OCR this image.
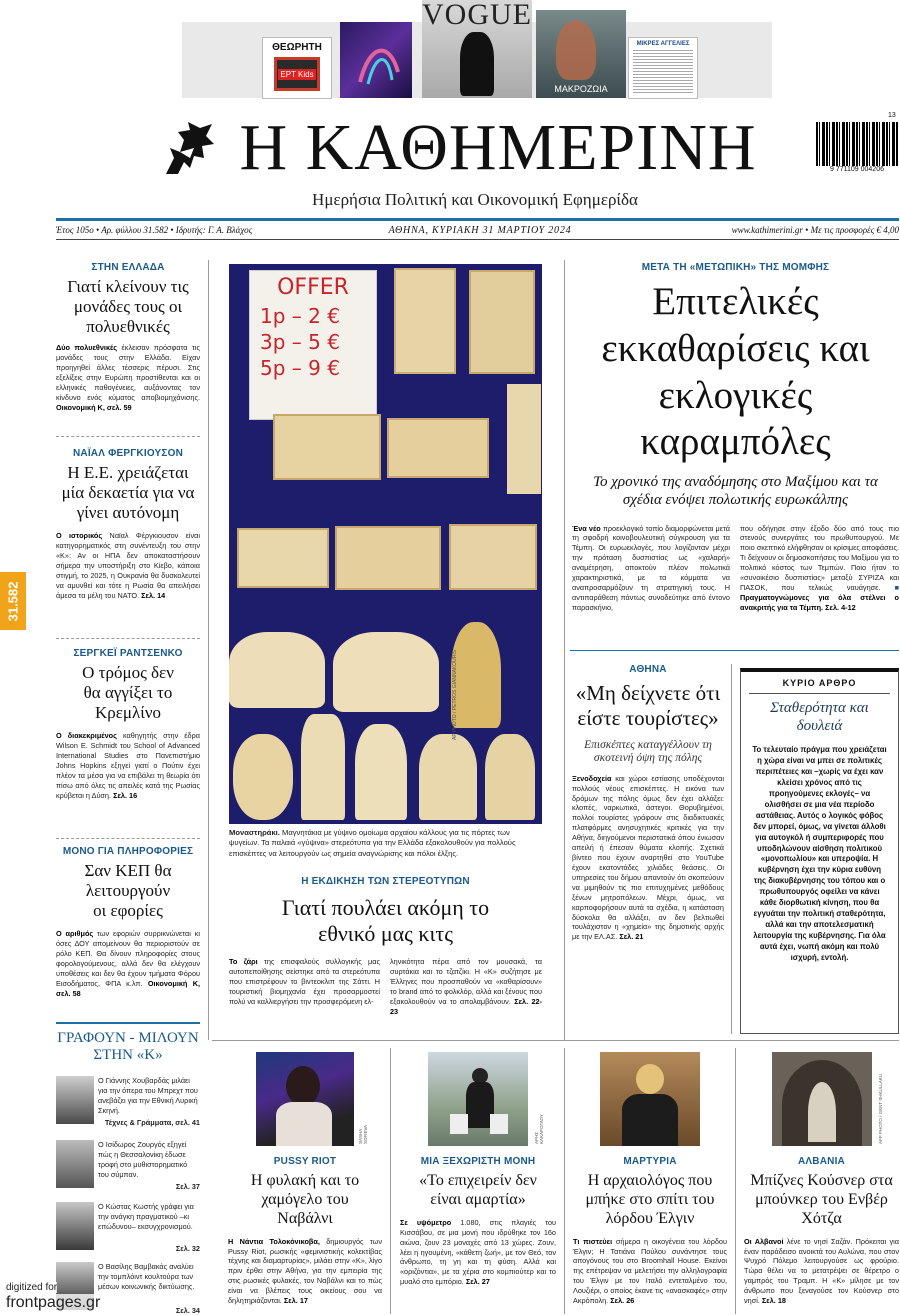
ΘΕΩΡΗΤΗ
ΕΡΤ Kids
VOGUE
ΜΑΚΡΟΖΩΙΑ
ΜΙΚΡΕΣ ΑΓΓΕΛΙΕΣ
Η ΚΑΘΗΜΕΡΙΝΗ
Ημερήσια Πολιτική και Οικονομική Εφημερίδα
9 771109 004206
13
Έτος 105ο • Αρ. φύλλου 31.582 • Ιδρυτής: Γ. Α. Βλάχος	ΑΘΗΝΑ, ΚΥΡΙΑΚΗ 31 ΜΑΡΤΙΟΥ 2024	www.kathimerini.gr • Με τις προσφορές € 4,00
31.582
ΣΤΗΝ ΕΛΛΑΔΑ
Γιατί κλείνουν τις μονάδες τους οι πολυεθνικές
Δύο πολυεθνικές έκλεισαν πρόσφατα τις μονάδες τους στην Ελλάδα. Είχαν προηγηθεί άλλες τέσσερις πέρυσι. Στις εξελίξεις στην Ευρώπη προστίθενται και οι ελληνικές παθογένειες, αυξάνοντας τον κίνδυνο ενός κύματος αποβιομηχάνισης. Οικονομική Κ, σελ. 59
ΝΑΪΑΛ ΦΕΡΓΚΙΟΥΣΟΝ
Η Ε.Ε. χρειάζεται μία δεκαετία για να γίνει αυτόνομη
Ο ιστορικός Ναϊαλ Φέργκιουσον είναι κατηγορηματικός στη συνέντευξη του στην «Κ»: Αν οι ΗΠΑ δεν αποκαταστήσουν σήμερα την υποστήριξη στο Κίεβο, κάποια στιγμή, το 2025, η Ουκρανία θα δυσκολευτεί να αμυνθεί και τότε η Ρωσία θα απειλήσει άμεσα τα μέλη του ΝΑΤΟ. Σελ. 14
ΣΕΡΓΚΕΪ ΡΑΝΤΣΕΝΚΟ
Ο τρόμος δεν θα αγγίξει το Κρεμλίνο
Ο διακεκριμένος καθηγητής στην έδρα Wilson E. Schmidt του School of Advanced International Studies στο Πανεπιστήμιο Johns Hopkins εξηγεί γιατί ο Πούτιν έχει πλέον τα μέσα για να επιβάλει τη θεωρία ότι πίσω από όλες τις απειλές κατά της Ρωσίας κρύβεται η Δύση. Σελ. 16
ΜΟΝΟ ΓΙΑ ΠΛΗΡΟΦΟΡΙΕΣ
Σαν ΚΕΠ θα λειτουργούν οι εφορίες
Ο αριθμός των εφοριών συρρικνώνεται κι όσες ΔΟΥ απομείνουν θα περιοριστούν σε ρόλο ΚΕΠ. Θα δίνουν πληροφορίες στους φορολογούμενους, αλλά δεν θα ελέγχουν υποθέσεις και δεν θα έχουν τμήματα Φόρου Εισοδήματος, ΦΠΑ κ.λπ. Οικονομική Κ, σελ. 58
ΓΡΑΦΟΥΝ - ΜΙΛΟΥΝ ΣΤΗΝ «Κ»
Ο Γιάννης Χουβαρδάς μιλάει για την όπερα του Μπρεχτ που ανεβάζει για την Εθνική Λυρική Σκηνή.
Τέχνες & Γράμματα, σελ. 41
Ο Ισίδωρος Ζουργός εξηγεί πώς η Θεσσαλονίκη έδωσε τροφή στο μυθιστορηματικό του σύμπαν.
Σελ. 37
Ο Κώστας Κωστής γράφει για την ανάγκη πραγματικού –κι επώδυνου– εκσυγχρονισμού.
Σελ. 32
Ο Βασίλης Βαμβακάς αναλύει την τομπλόιντ κουλτούρα των μέσων κοινωνικής δικτύωσης.
Σελ. 34
OFFER
1p – 2 €
3p – 5 €
5p – 9 €
AP PHOTO / PETROS GIANNAKOURIS
Μοναστηράκι. Μαγνητάκια με γύψινο ομοίωμα αρχαίου κάλλους για τις πόρτες των ψυγείων. Τα παλαιά «γύψινα» στερεότυπα για την Ελλάδα εξακολουθούν για πολλούς επισκέπτες να λειτουργούν ως σημεία αναγνώρισης και πόλοι έλξης.
Η ΕΚΔΙΚΗΣΗ ΤΩΝ ΣΤΕΡΕΟΤΥΠΩΝ
Γιατί πουλάει ακόμη το εθνικό μας κιτς
Το ζάρι της επισφαλούς συλλογικής μας αυτοπεποίθησης σείστηκε από τα στερεότυπα που επιστρέφουν το βιντεοκλιπ της Σάττι. Η τουριστική βιομηχανία έχει προσαρμοστεί πολύ να καλλιεργήσει την προσφερόμενη ελ-
ληνικότητα πέρα από τον μουσακά, τα συρτάκια και το τζατζίκι. Η «Κ» συζήτησε με Έλληνες που προσπαθούν να «καθαρίσουν» το brand από το φολκλόρ, αλλά και ξένους που εξακολουθούν να το απολαμβάνουν. Σελ. 22-23
ΜΕΤΑ ΤΗ «ΜΕΤΩΠΙΚΗ» ΤΗΣ ΜΟΜΦΗΣ
Επιτελικές εκκαθαρίσεις και εκλογικές καραμπόλες
Το χρονικό της αναδόμησης στο Μαξίμου και τα σχέδια ενόψει πολωτικής ευρωκάλπης
Ένα νέο προεκλογικό τοπίο διαμορφώνεται μετά τη σφοδρή κοινοβουλευτική σύγκρουση για τα Τέμπη. Οι ευρωεκλογές, που λογίζονταν μέχρι την πρόταση δυσπιστίας ως «χαλαρή» αναμέτρηση, αποκτούν πλέον πολωτικά χαρακτηριστικά, με τα κόμματα να αναπροσαρμόζουν τη στρατηγική τους. Η αντιπαράθεση πάντως συνοδεύτηκε από έντονο παρασκήνιο,
που οδήγησε στην έξοδο δύο από τους πιο στενούς συνεργάτες του πρωθυπουργού. Με ποιο σκεπτικό ελήφθησαν οι κρίσιμες αποφάσεις. Τι δείχνουν οι δημοσκοπήσεις του Μαξίμου για το πολιτικό κόστος των Τεμπών. Ποιο ήταν το «συνοικέσιο δυσπιστίας» μεταξύ ΣΥΡΙΖΑ και ΠΑΣΟΚ, που τελικώς ναυάγησε. ■ Πραγματογνώμονες για όλα στέλνει ο ανακριτής για τα Τέμπη. Σελ. 4-12
ΑΘΗΝΑ
«Μη δείχνετε ότι είστε τουρίστες»
Επισκέπτες καταγγέλλουν τη σκοτεινή όψη της πόλης
Ξενοδοχεία και χώροι εστίασης υποδέχονται πολλούς νέους επισκέπτες. Η εικόνα των δρόμων της πόλης όμως δεν έχει αλλάξει: κλοπές, ναρκωτικά, άστεγοι. Θορυβημένοι, πολλοί τουρίστες γράφουν στις διαδικτυακές πλατφόρμες ανησυχητικές κριτικές για την Αθήνα, διηγούμενοι περιστατικά όπου ένιωσαν απειλή ή έπεσαν θύματα κλοπής. Σχετικά βίντεο που έχουν αναρτηθεί στο YouTube έχουν εκατοντάδες χιλιάδες θεάσεις. Οι υπηρεσίες του δήμου απαντούν ότι σκοπεύουν να μιμηθούν τις πιο επιτυχημένες μεθόδους ξένων μητροπόλεων. Μέχρι, όμως, να καρποφορήσουν αυτά τα σχέδια, η κατάσταση δύσκολα θα αλλάξει, αν δεν βελτιωθεί τουλάχιστον η «χημεία» της δημοτικής αρχής με την ΕΛ.ΑΣ. Σελ. 21
ΚΥΡΙΟ ΑΡΘΡΟ
Σταθερότητα και δουλειά
Το τελευταίο πράγμα που χρειάζεται η χώρα είναι να μπει σε πολιτικές περιπέτειες και –χωρίς να έχει καν κλείσει χρόνος από τις προηγούμενες εκλογές– να ολισθήσει σε μια νέα περίοδο αστάθειας. Αυτός ο λογικός φόβος δεν μπορεί, όμως, να γίνεται άλλοθι για αυτογκόλ ή συμπεριφορές που υποδηλώνουν αίσθηση πολιτικού «μονοπωλίου» και υπεροψία. Η κυβέρνηση έχει την κύρια ευθύνη της διακυβέρνησης του τόπου και ο πρωθυπουργός οφείλει να κάνει κάθε διορθωτική κίνηση, που θα εγγυάται την πολιτική σταθερότητα, αλλά και την αποτελεσματική λειτουργία της κυβέρνησης. Για όλα αυτά έχει, νωπή ακόμη και πολύ ισχυρή, εντολή.
SASHA SOFIEVA
PUSSY RIOT
Η φυλακή και το χαμόγελο του Ναβάλνι
Η Νάντια Τολοκόνικοβα, δημιουργός των Pussy Riot, ρωσικής «φεμινιστικής κολεκτίβας τέχνης και διαμαρτυρίας», μιλάει στην «Κ», λίγο πριν έρθει στην Αθήνα, για την εμπειρία της στις ρωσικές φυλακές, τον Ναβάλνι και το πώς είναι να βλέπεις τους οικείους σου να δηλητηριάζονται. Σελ. 17
ΑΡΗΣ ΚΑΚΑΡΟΓΛΟΥ
ΜΙΑ ΞΕΧΩΡΙΣΤΗ ΜΟΝΗ
«Το επιχειρείν δεν είναι αμαρτία»
Σε υψόμετρο 1.080, στις πλαγιές του Κισσάβου, σε μια μονή που ιδρύθηκε τον 16ο αιώνα, ζουν 23 μοναχές από 13 χώρες. Ζουν, λέει η ηγουμένη, «κάθετη ζωή», με τον Θεό, τον άνθρωπο, τη γη και τη φύση. Αλλά και «οριζόντια», με τα χέρια στο κομπιούτερ και το μυαλό στο εμπόριο. Σελ. 27
ΜΑΡΤΥΡΙΑ
Η αρχαιολόγος που μπήκε στο σπίτι του λόρδου Έλγιν
Τι πιστεύει σήμερα η οικογένεια του λόρδου Έλγιν; Η Τατιάνα Πούλου συνάντησε τους απογόνους του στο Broomhall House. Εκείνοι της επέτρεψαν να μελετήσει την αλληλογραφία του Έλγιν με τον Ιταλό εντεταλμένο του, Λουζιέρι, ο οποίος έκανε τις «ανασκαφές» στην Ακρόπολη. Σελ. 26
AFP PHOTO / GENT SHKULLAKU
ΑΛΒΑΝΙΑ
Μπίζνες Κούσνερ στα μπούνκερ του Ενβέρ Χότζα
Οι Αλβανοί λένε το νησί Σαζάν. Πρόκειται για έναν παράδεισο ανοικτά του Αυλώνα, που στον Ψυχρό Πόλεμο λειτουργούσε ως φρούριο. Τώρα θέλει να το μετατρέψει σε θέρετρο ο γαμπρός του Τραμπ. Η «Κ» μίλησε με τον άνθρωπο που ξεναγούσε τον Κούσνερ στο νησί. Σελ. 18
digitized for
frontpages.gr
